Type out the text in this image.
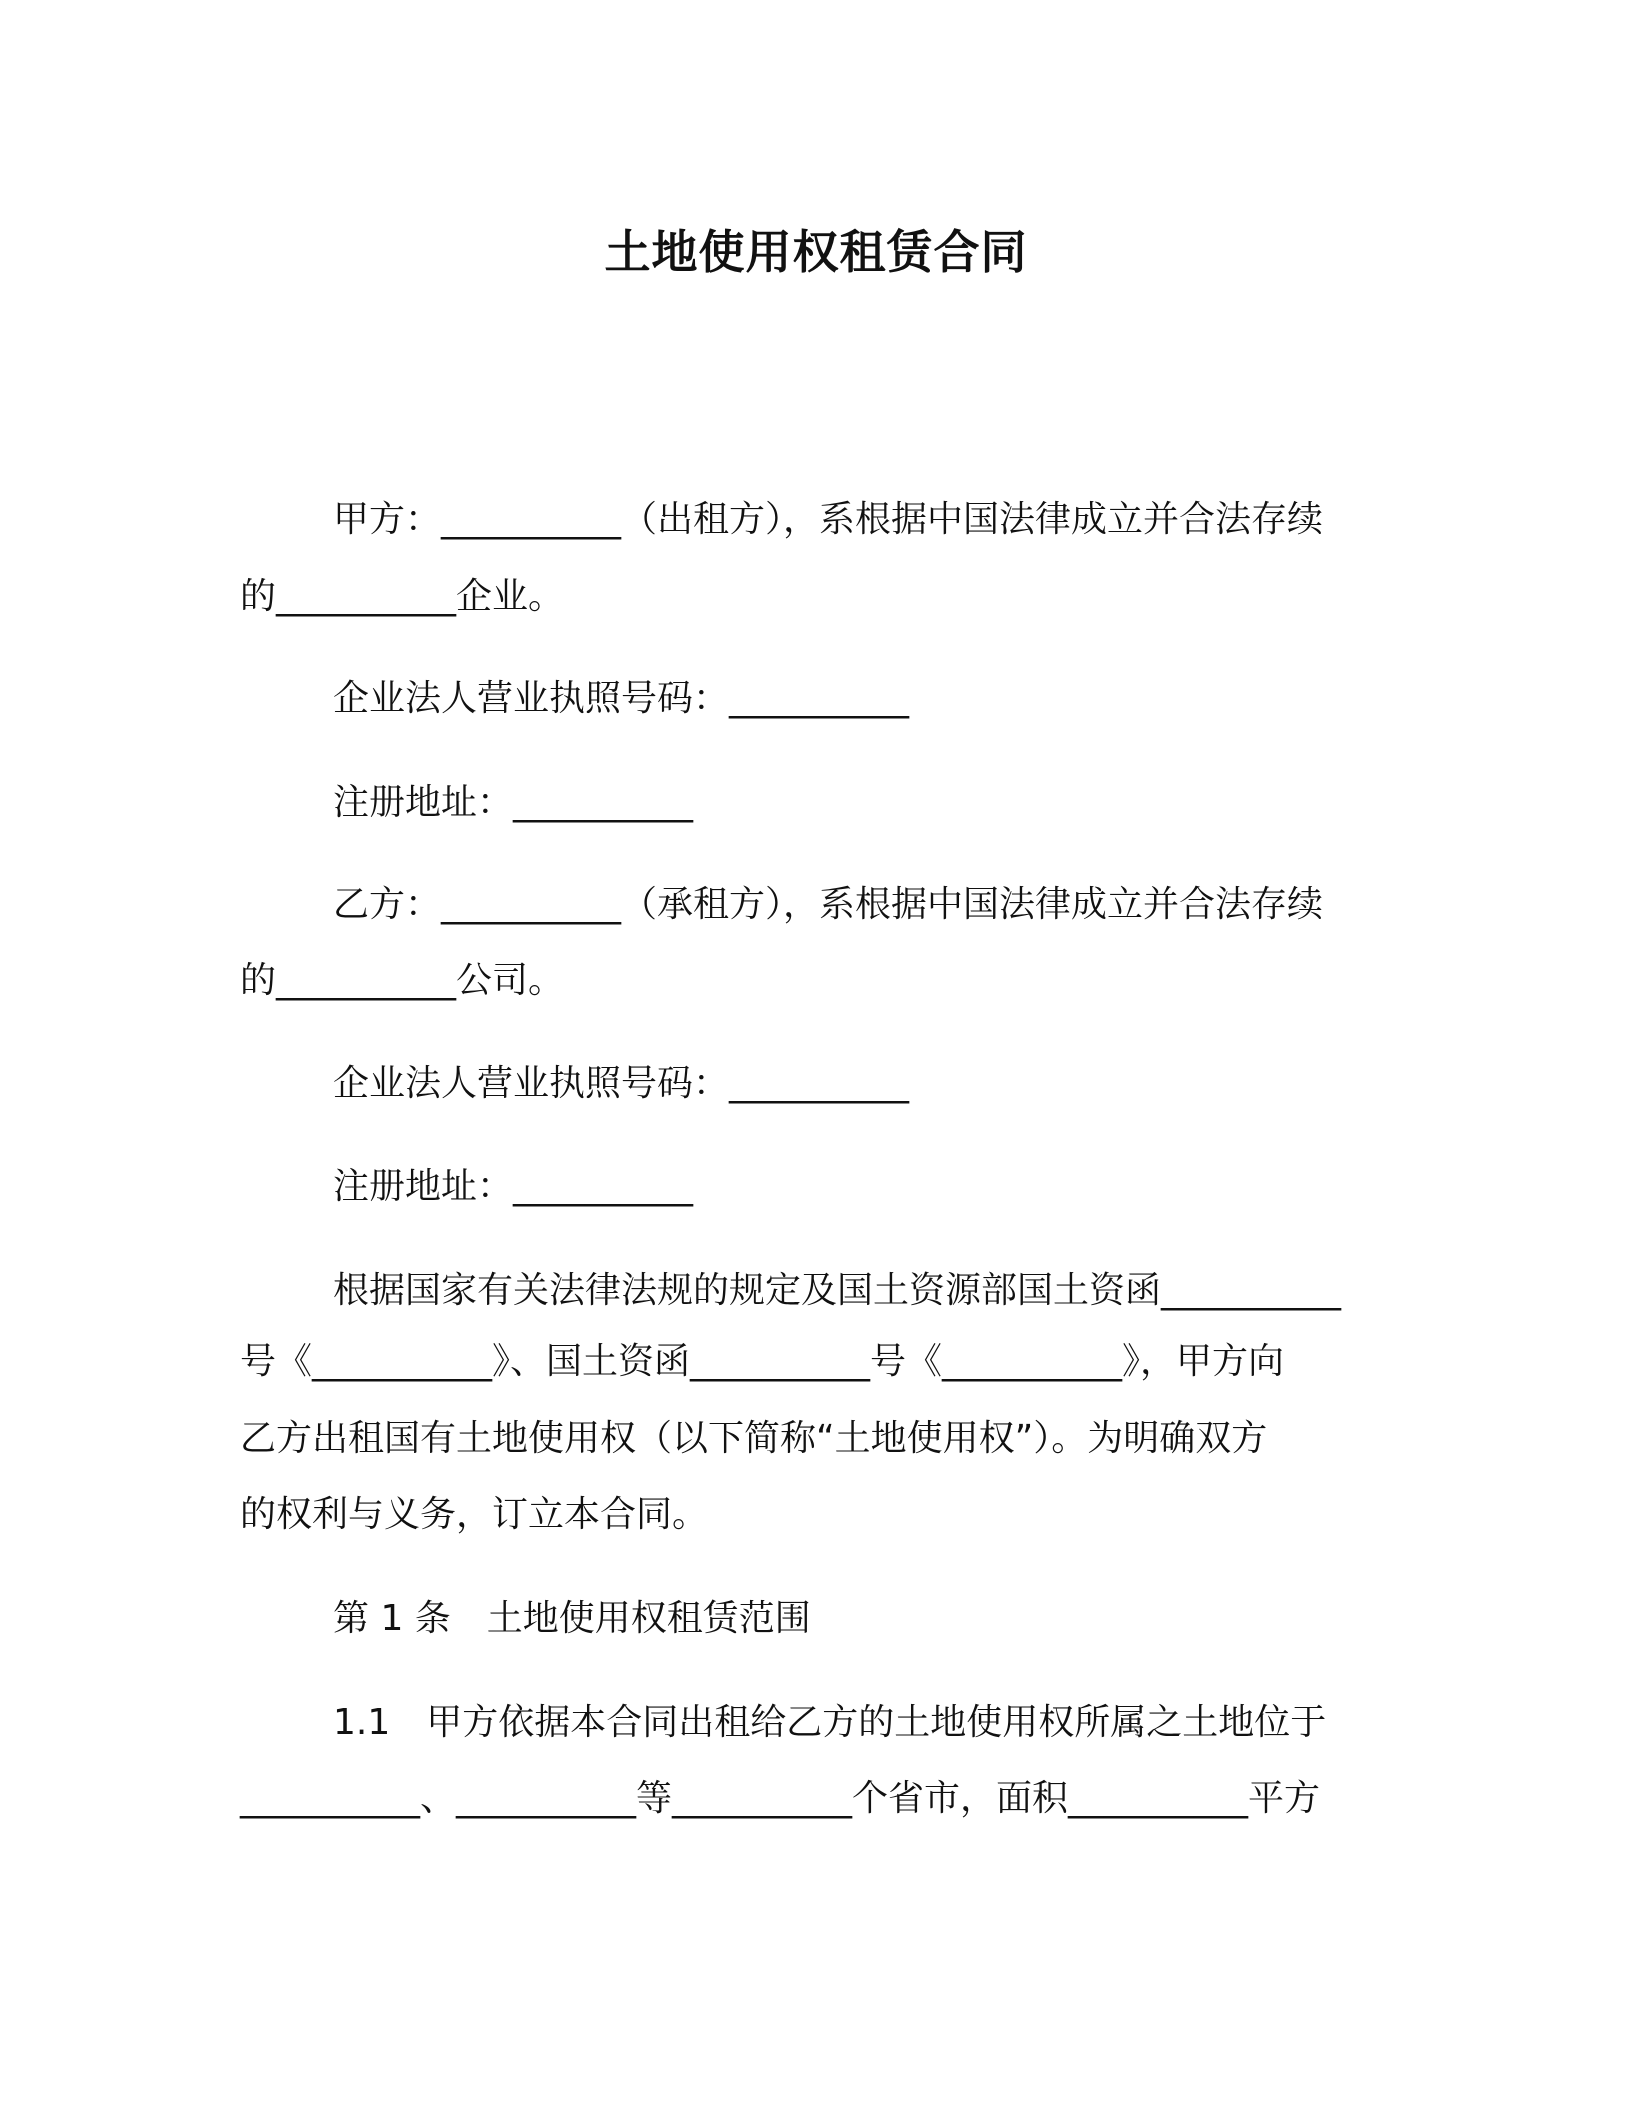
土地使用权租赁合同
甲方：__________（出租方），系根据中国法律成立并合法存续
的__________企业。
企业法人营业执照号码：__________
注册地址：__________
乙方：__________（承租方），系根据中国法律成立并合法存续
的__________公司。
企业法人营业执照号码：__________
注册地址：__________
根据国家有关法律法规的规定及国土资源部国土资函__________
号《__________》、国土资函__________号《__________》，甲方向
乙方出租国有土地使用权（以下简称“土地使用权”）。为明确双方
的权利与义务，订立本合同。
第 1 条　土地使用权租赁范围
1.1　甲方依据本合同出租给乙方的土地使用权所属之土地位于
__________、__________等__________个省市，面积__________平方
